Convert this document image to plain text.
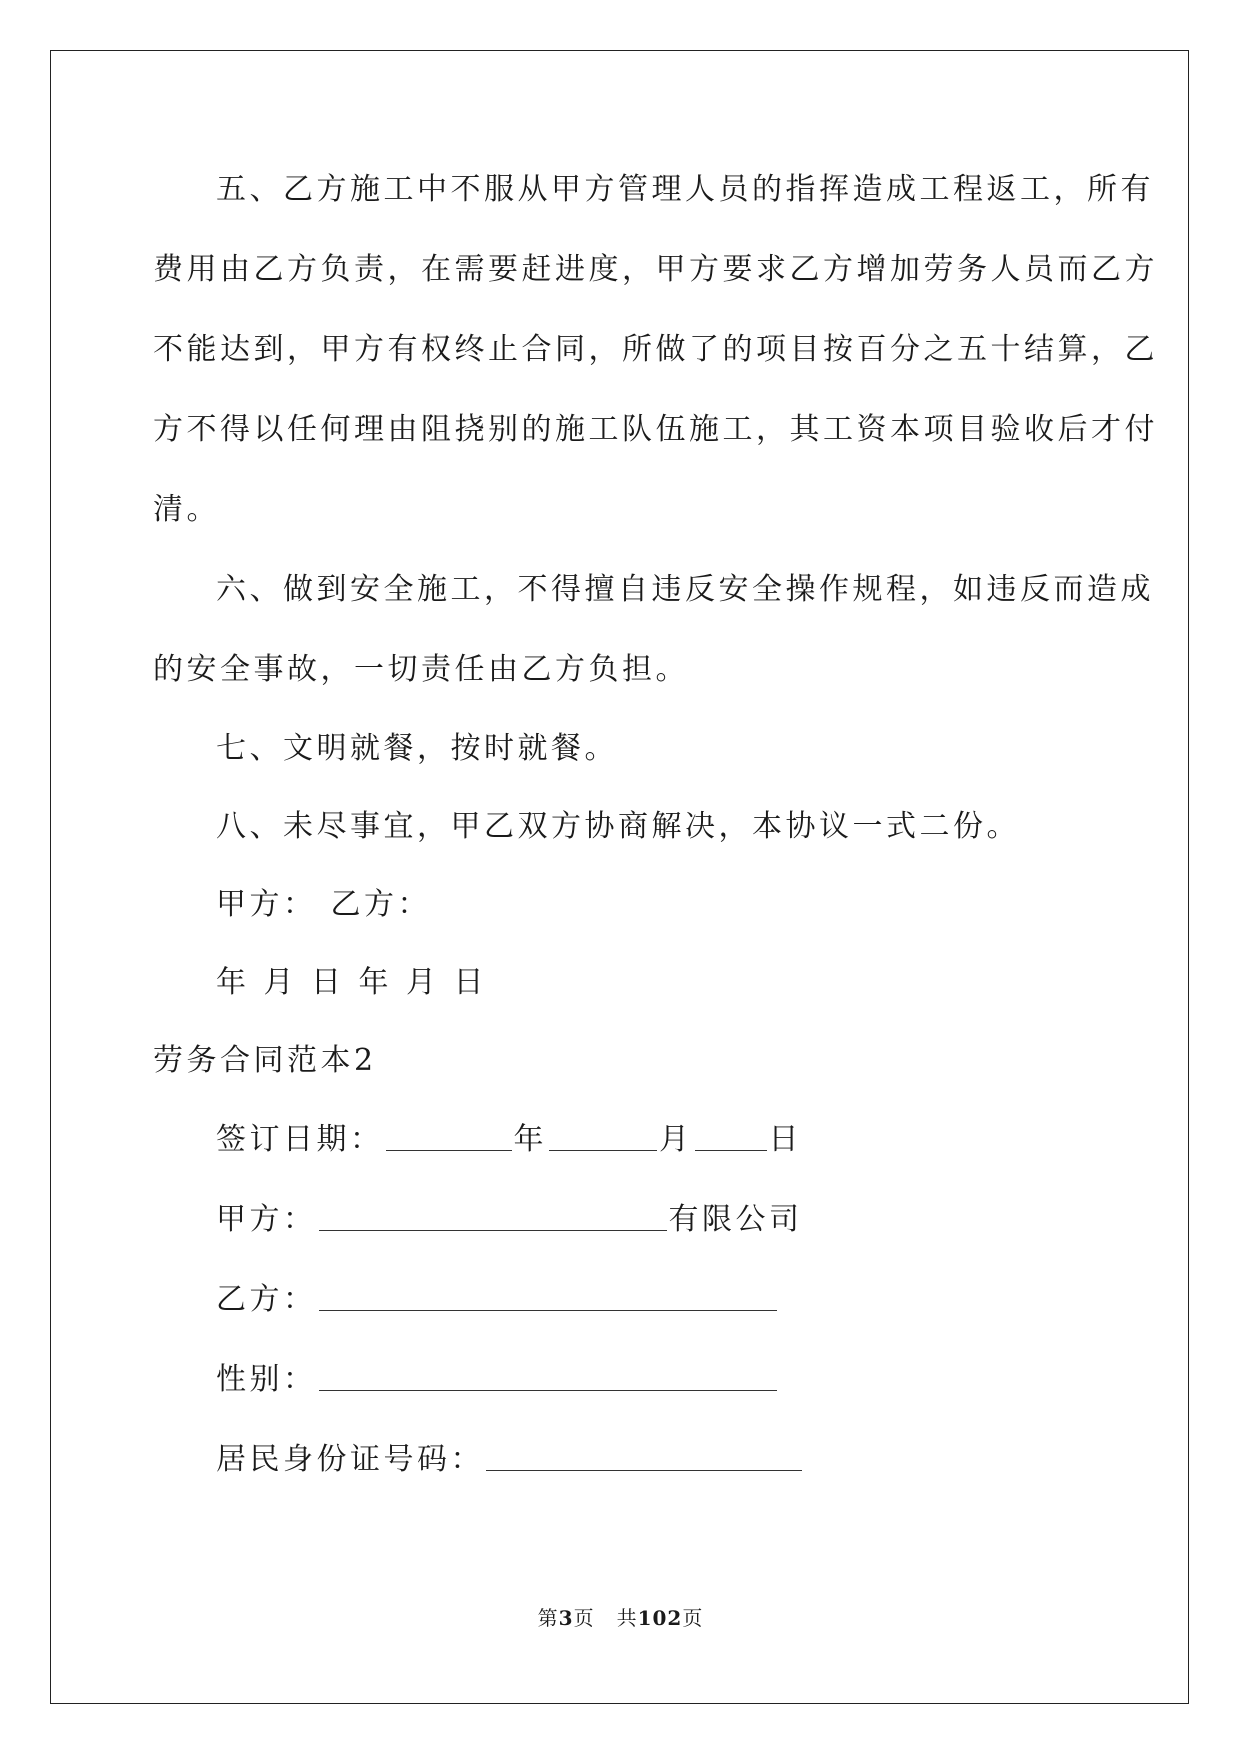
五、乙方施工中不服从甲方管理人员的指挥造成工程返工，所有
费用由乙方负责，在需要赶进度，甲方要求乙方增加劳务人员而乙方
不能达到，甲方有权终止合同，所做了的项目按百分之五十结算，乙
方不得以任何理由阻挠别的施工队伍施工，其工资本项目验收后才付
清。
六、做到安全施工，不得擅自违反安全操作规程，如违反而造成
的安全事故，一切责任由乙方负担。
七、文明就餐，按时就餐。
八、未尽事宜，甲乙双方协商解决，本协议一式二份。
甲方： 乙方：
年 月 日 年 月 日
劳务合同范本2
签订日期：	年	月	日
甲方：	有限公司
乙方：
性别：
居民身份证号码：
第3页 共102页
